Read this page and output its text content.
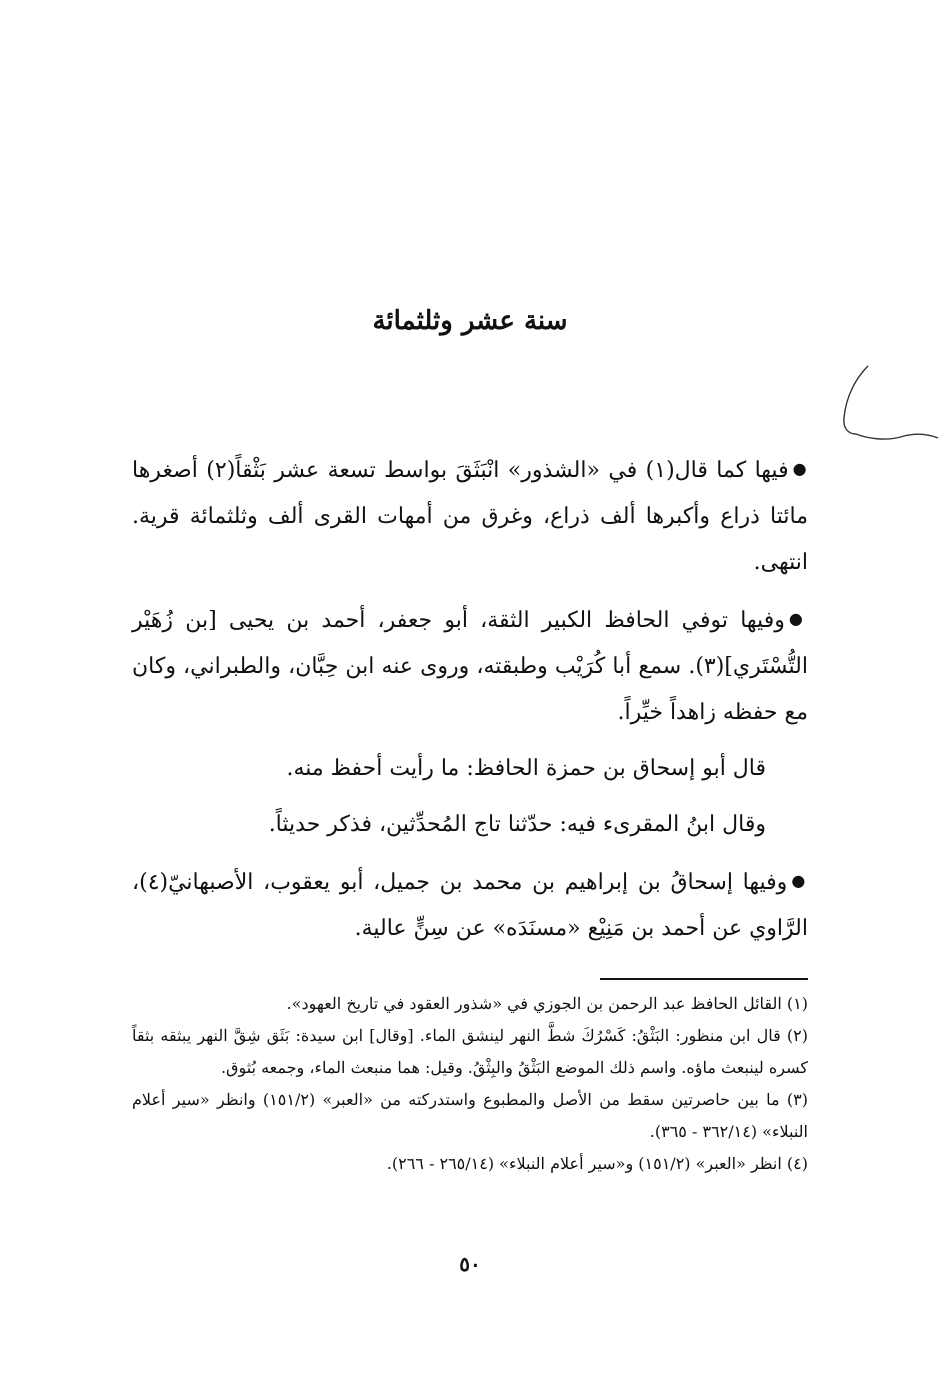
سنة عشر وثلثمائة

●فيها كما قال(١) في «الشذور» انْبَثَقَ بواسط تسعة عشر بَثْقاً(٢) أصغرها مائتا ذراع وأكبرها ألف ذراع، وغرق من أمهات القرى ألف وثلثمائة قرية. انتهى.

●وفيها توفي الحافظ الكبير الثقة، أبو جعفر، أحمد بن يحيى [بن زُهَيْر التُّسْتَري](٣). سمع أبا كُرَيْب وطبقته، وروى عنه ابن حِبَّان، والطبراني، وكان مع حفظه زاهداً خيِّراً.

قال أبو إسحاق بن حمزة الحافظ: ما رأيت أحفظ منه.

وقال ابنُ المقرىء فيه: حدّثنا تاج المُحدِّثين، فذكر حديثاً.

●وفيها إسحاقُ بن إبراهيم بن محمد بن جميل، أبو يعقوب، الأصبهانيّ(٤)، الرَّاوي عن أحمد بن مَنِيْع «مسنَدَه» عن سِنٍّ عالية.

(١) القائل الحافظ عبد الرحمن بن الجوزي في «شذور العقود في تاريخ العهود».

(٢) قال ابن منظور: البَثْقُ: كَسْرُكَ شطَّ النهر لينشق الماء. [وقال] ابن سيدة: بَثَق شِقَّ النهر يبثقه بثقاً كسره لينبعث ماؤه. واسم ذلك الموضع البَثْقُ والبِثْقُ. وقيل: هما منبعث الماء، وجمعه بُثوق.

(٣) ما بين حاصرتين سقط من الأصل والمطبوع واستدركته من «العبر» (١٥١/٢) وانظر «سير أعلام النبلاء» (٣٦٢/١٤ - ٣٦٥).

(٤) انظر «العبر» (١٥١/٢) و«سير أعلام النبلاء» (٢٦٥/١٤ - ٢٦٦).

٥٠
